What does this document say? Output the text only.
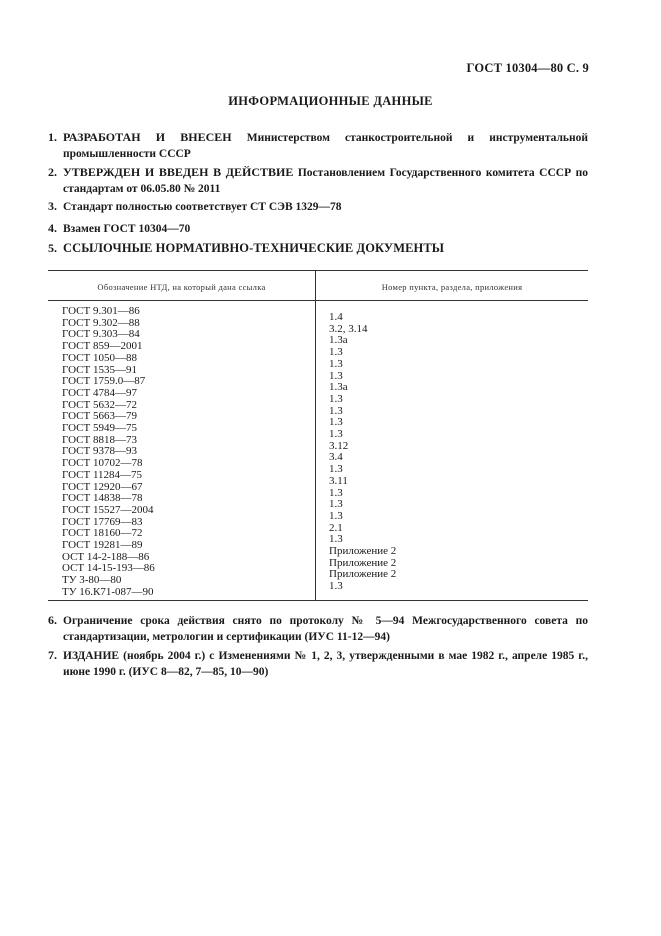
ГОСТ 10304—80 С. 9
ИНФОРМАЦИОННЫЕ ДАННЫЕ
1. РАЗРАБОТАН И ВНЕСЕН Министерством станкостроительной и инструментальной промышленности СССР
2. УТВЕРЖДЕН И ВВЕДЕН В ДЕЙСТВИЕ Постановлением Государственного комитета СССР по стандартам от 06.05.80 № 2011
3. Стандарт полностью соответствует СТ СЭВ 1329—78
4. Взамен ГОСТ 10304—70
5. ССЫЛОЧНЫЕ НОРМАТИВНО-ТЕХНИЧЕСКИЕ ДОКУМЕНТЫ
Обозначение НТД, на который дана ссылка	Номер пункта, раздела, приложения
ГОСТ 9.301—86
ГОСТ 9.302—88
ГОСТ 9.303—84
ГОСТ 859—2001
ГОСТ 1050—88
ГОСТ 1535—91
ГОСТ 1759.0—87
ГОСТ 4784—97
ГОСТ 5632—72
ГОСТ 5663—79
ГОСТ 5949—75
ГОСТ 8818—73
ГОСТ 9378—93
ГОСТ 10702—78
ГОСТ 11284—75
ГОСТ 12920—67
ГОСТ 14838—78
ГОСТ 15527—2004
ГОСТ 17769—83
ГОСТ 18160—72
ГОСТ 19281—89
ОСТ 14-2-188—86
ОСТ 14-15-193—86
ТУ 3-80—80
ТУ 16.К71-087—90
1.4
3.2, 3.14
1.3а
1.3
1.3
1.3
1.3а
1.3
1.3
1.3
1.3
3.12
3.4
1.3
3.11
1.3
1.3
1.3
2.1
1.3
Приложение 2
Приложение 2
Приложение 2
1.3
6. Ограничение срока действия снято по протоколу № 5—94 Межгосударственного совета по стандартизации, метрологии и сертификации (ИУС 11-12—94)
7. ИЗДАНИЕ (ноябрь 2004 г.) с Изменениями № 1, 2, 3, утвержденными в мае 1982 г., апреле 1985 г., июне 1990 г. (ИУС 8—82, 7—85, 10—90)
